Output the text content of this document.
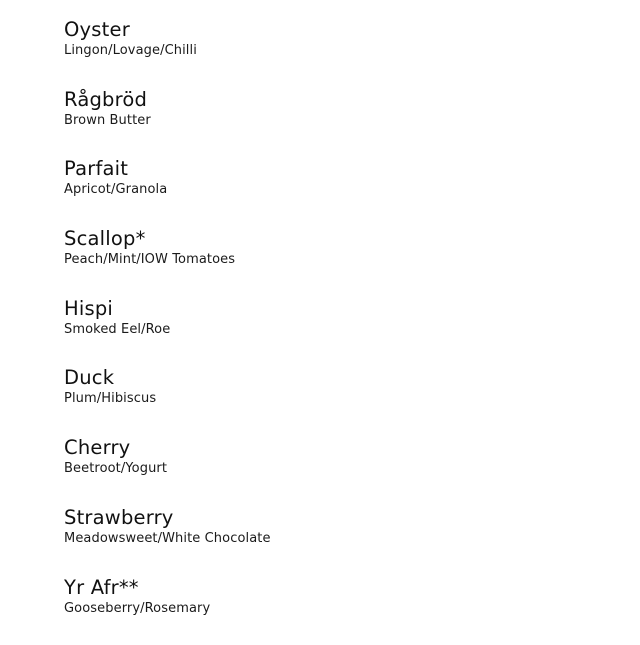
Oyster
Lingon/Lovage/Chilli
Rågbröd
Brown Butter
Parfait
Apricot/Granola
Scallop*
Peach/Mint/IOW Tomatoes
Hispi
Smoked Eel/Roe
Duck
Plum/Hibiscus
Cherry
Beetroot/Yogurt
Strawberry
Meadowsweet/White Chocolate
Yr Afr**
Gooseberry/Rosemary
